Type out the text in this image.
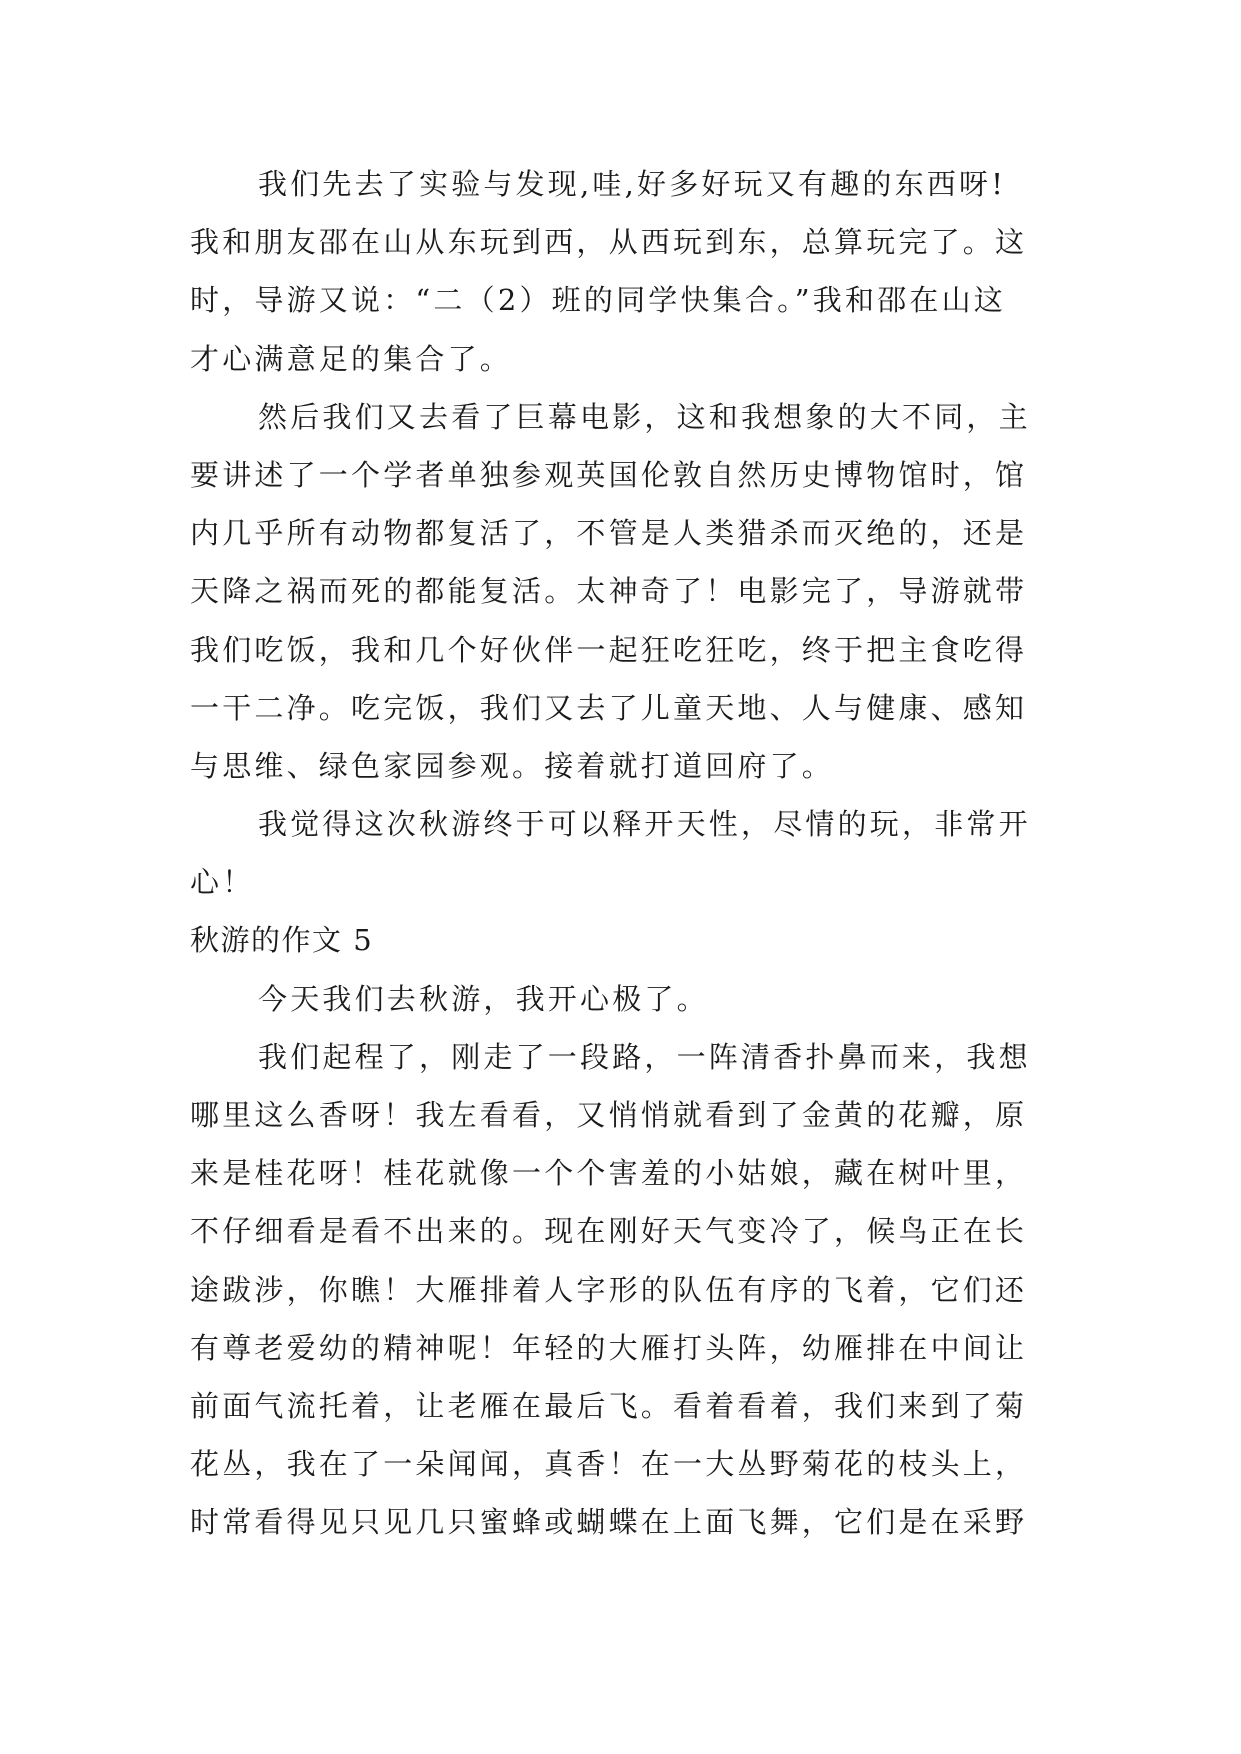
我们先去了实验与发现,哇,好多好玩又有趣的东西呀!
我和朋友邵在山从东玩到西，从西玩到东，总算玩完了。这
时，导游又说：“二（2）班的同学快集合。”我和邵在山这
才心满意足的集合了。
然后我们又去看了巨幕电影，这和我想象的大不同，主
要讲述了一个学者单独参观英国伦敦自然历史博物馆时，馆
内几乎所有动物都复活了，不管是人类猎杀而灭绝的，还是
天降之祸而死的都能复活。太神奇了！电影完了，导游就带
我们吃饭，我和几个好伙伴一起狂吃狂吃，终于把主食吃得
一干二净。吃完饭，我们又去了儿童天地、人与健康、感知
与思维、绿色家园参观。接着就打道回府了。
我觉得这次秋游终于可以释开天性，尽情的玩，非常开
心！
秋游的作文 5
今天我们去秋游，我开心极了。
我们起程了，刚走了一段路，一阵清香扑鼻而来，我想
哪里这么香呀！我左看看，又悄悄就看到了金黄的花瓣，原
来是桂花呀！桂花就像一个个害羞的小姑娘，藏在树叶里，
不仔细看是看不出来的。现在刚好天气变冷了，候鸟正在长
途跋涉，你瞧！大雁排着人字形的队伍有序的飞着，它们还
有尊老爱幼的精神呢！年轻的大雁打头阵，幼雁排在中间让
前面气流托着，让老雁在最后飞。看着看着，我们来到了菊
花丛，我在了一朵闻闻，真香！在一大丛野菊花的枝头上，
时常看得见只见几只蜜蜂或蝴蝶在上面飞舞，它们是在采野
